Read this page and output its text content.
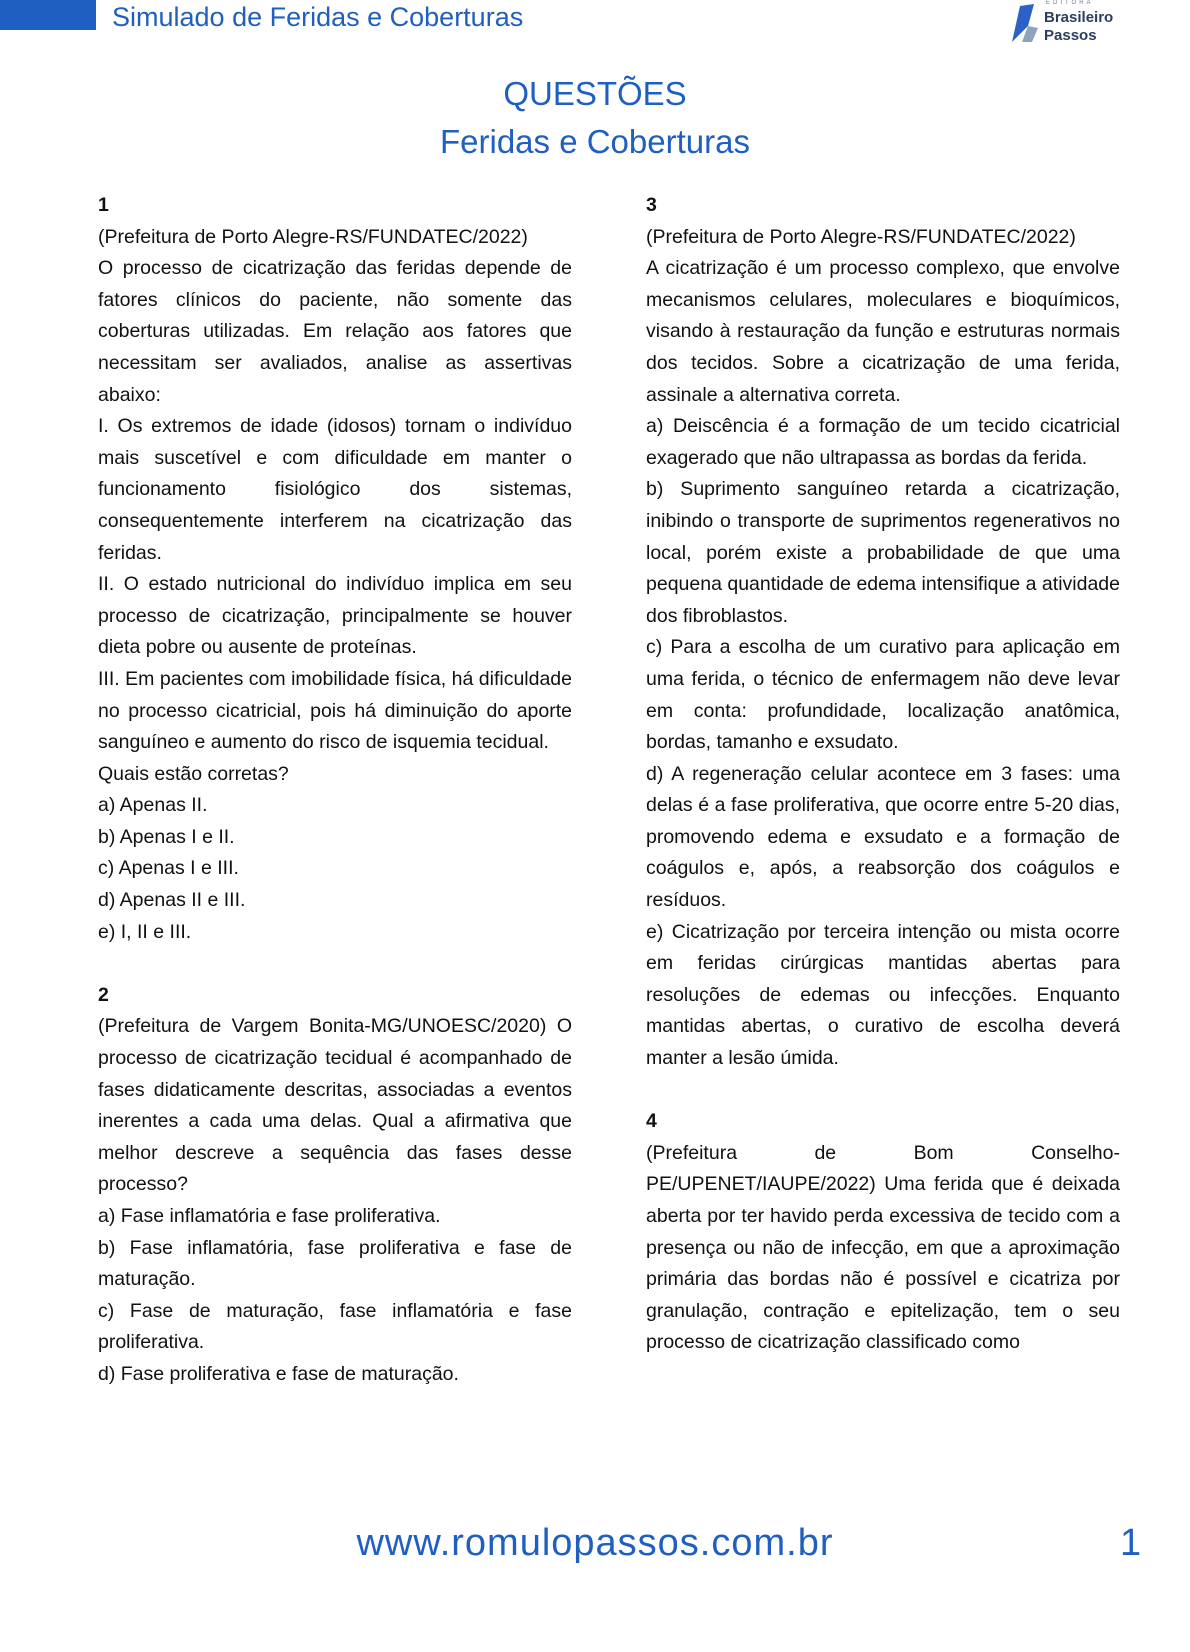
Simulado de Feridas e Coberturas	EDITORA
Brasileiro
Passos
QUESTÕES
Feridas e Coberturas
1
(Prefeitura de Porto Alegre-RS/FUNDATEC/2022)
O processo de cicatrização das feridas depende de fatores clínicos do paciente, não somente das coberturas utilizadas. Em relação aos fatores que necessitam ser avaliados, analise as assertivas abaixo:
I. Os extremos de idade (idosos) tornam o indivíduo mais suscetível e com dificuldade em manter o funcionamento fisiológico dos sistemas, consequentemente interferem na cicatrização das feridas.
II. O estado nutricional do indivíduo implica em seu processo de cicatrização, principalmente se houver dieta pobre ou ausente de proteínas.
III. Em pacientes com imobilidade física, há dificuldade no processo cicatricial, pois há diminuição do aporte sanguíneo e aumento do risco de isquemia tecidual.
Quais estão corretas?
a) Apenas II.
b) Apenas I e II.
c) Apenas I e III.
d) Apenas II e III.
e) I, II e III.
2
(Prefeitura de Vargem Bonita-MG/UNOESC/2020) O processo de cicatrização tecidual é acompanhado de fases didaticamente descritas, associadas a eventos inerentes a cada uma delas. Qual a afirmativa que melhor descreve a sequência das fases desse processo?
a) Fase inflamatória e fase proliferativa.
b) Fase inflamatória, fase proliferativa e fase de maturação.
c) Fase de maturação, fase inflamatória e fase proliferativa.
d) Fase proliferativa e fase de maturação.
3
(Prefeitura de Porto Alegre-RS/FUNDATEC/2022)
A cicatrização é um processo complexo, que envolve mecanismos celulares, moleculares e bioquímicos, visando à restauração da função e estruturas normais dos tecidos. Sobre a cicatrização de uma ferida, assinale a alternativa correta.
a) Deiscência é a formação de um tecido cicatricial exagerado que não ultrapassa as bordas da ferida.
b) Suprimento sanguíneo retarda a cicatrização, inibindo o transporte de suprimentos regenerativos no local, porém existe a probabilidade de que uma pequena quantidade de edema intensifique a atividade dos fibroblastos.
c) Para a escolha de um curativo para aplicação em uma ferida, o técnico de enfermagem não deve levar em conta: profundidade, localização anatômica, bordas, tamanho e exsudato.
d) A regeneração celular acontece em 3 fases: uma delas é a fase proliferativa, que ocorre entre 5-20 dias, promovendo edema e exsudato e a formação de coágulos e, após, a reabsorção dos coágulos e resíduos.
e) Cicatrização por terceira intenção ou mista ocorre em feridas cirúrgicas mantidas abertas para resoluções de edemas ou infecções. Enquanto mantidas abertas, o curativo de escolha deverá manter a lesão úmida.
4
(Prefeitura de Bom Conselho-PE/UPENET/IAUPE/2022) Uma ferida que é deixada aberta por ter havido perda excessiva de tecido com a presença ou não de infecção, em que a aproximação primária das bordas não é possível e cicatriza por granulação, contração e epitelização, tem o seu processo de cicatrização classificado como
www.romulopassos.com.br	1
